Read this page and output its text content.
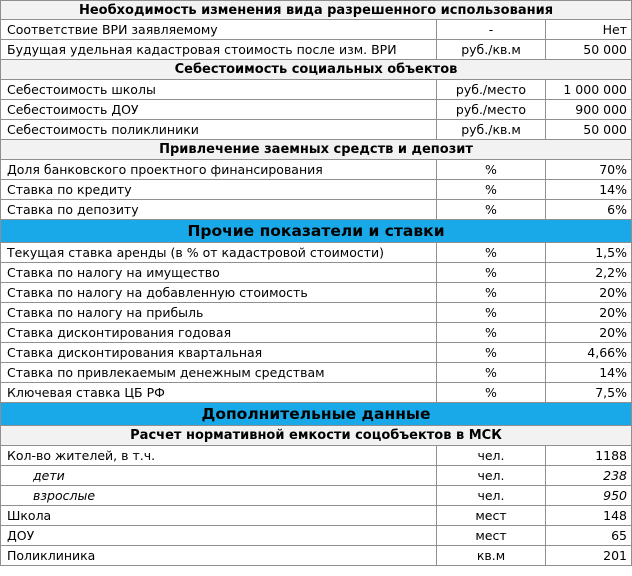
Необходимость изменения вида разрешенного использования
Соответствие ВРИ заявляемому	-	Нет
Будущая удельная кадастровая стоимость после изм. ВРИ	руб./кв.м	50 000
Себестоимость социальных объектов
Себестоимость школы	руб./место	1 000 000
Себестоимость ДОУ	руб./место	900 000
Себестоимость поликлиники	руб./кв.м	50 000
Привлечение заемных средств и депозит
Доля банковского проектного финансирования	%	70%
Ставка по кредиту	%	14%
Ставка по депозиту	%	6%
Прочие показатели и ставки
Текущая ставка аренды (в % от кадастровой стоимости)	%	1,5%
Ставка по налогу на имущество	%	2,2%
Ставка по налогу на добавленную стоимость	%	20%
Ставка по налогу на прибыль	%	20%
Ставка дисконтирования годовая	%	20%
Ставка дисконтирования квартальная	%	4,66%
Ставка по привлекаемым денежным средствам	%	14%
Ключевая ставка ЦБ РФ	%	7,5%
Дополнительные данные
Расчет нормативной емкости соцобъектов в МСК
Кол-во жителей, в т.ч.	чел.	1188
дети	чел.	238
взрослые	чел.	950
Школа	мест	148
ДОУ	мест	65
Поликлиника	кв.м	201
